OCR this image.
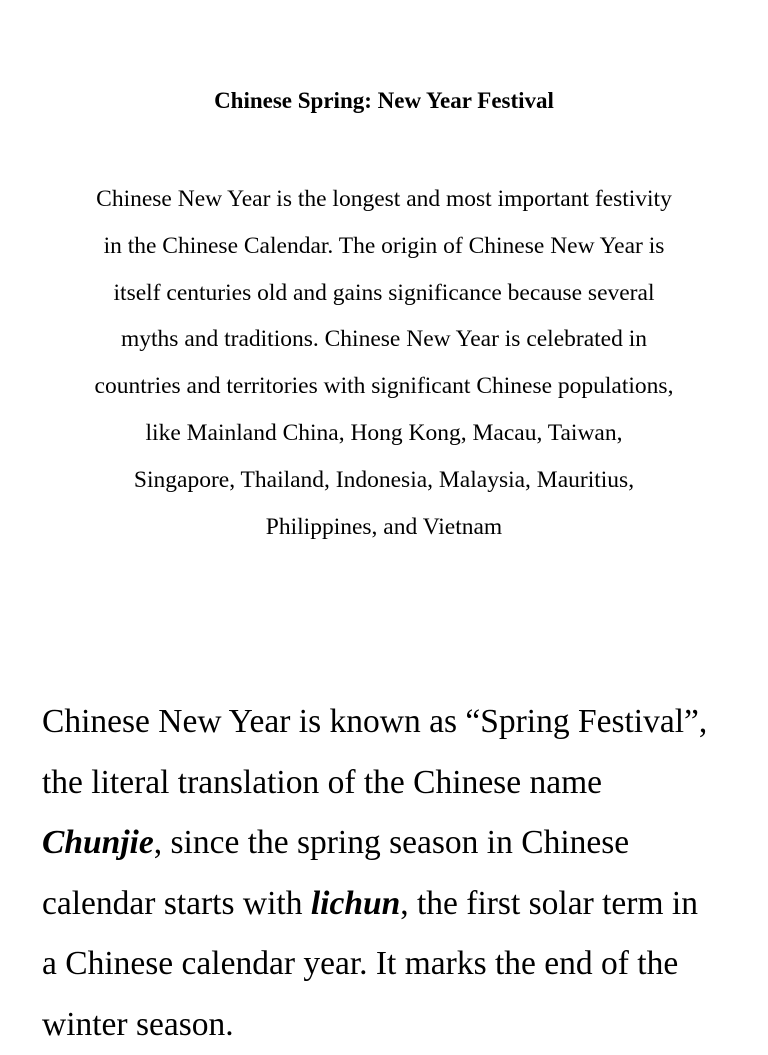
Chinese Spring: New Year Festival
Chinese New Year is the longest and most important festivity
in the Chinese Calendar. The origin of Chinese New Year is
itself centuries old and gains significance because several
myths and traditions. Chinese New Year is celebrated in
countries and territories with significant Chinese populations,
like Mainland China, Hong Kong, Macau, Taiwan,
Singapore, Thailand, Indonesia, Malaysia, Mauritius,
Philippines, and Vietnam
Chinese New Year is known as “Spring Festival”,
the literal translation of the Chinese name
Chunjie, since the spring season in Chinese
calendar starts with lichun, the first solar term in
a Chinese calendar year. It marks the end of the
winter season.
